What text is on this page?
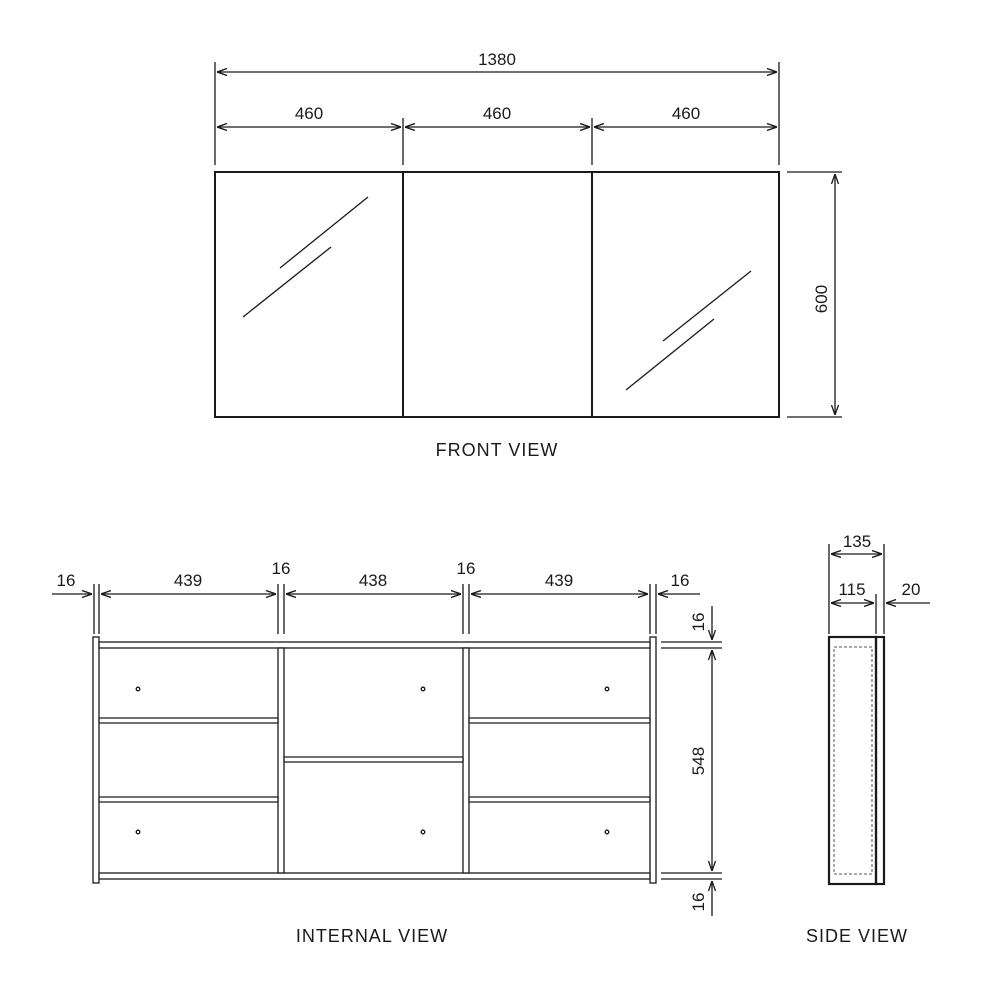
1380
460	460	460
600
FRONT VIEW
16	439
16
438
16
439	16
16
548
16
INTERNAL VIEW
135
115 20
SIDE VIEW
